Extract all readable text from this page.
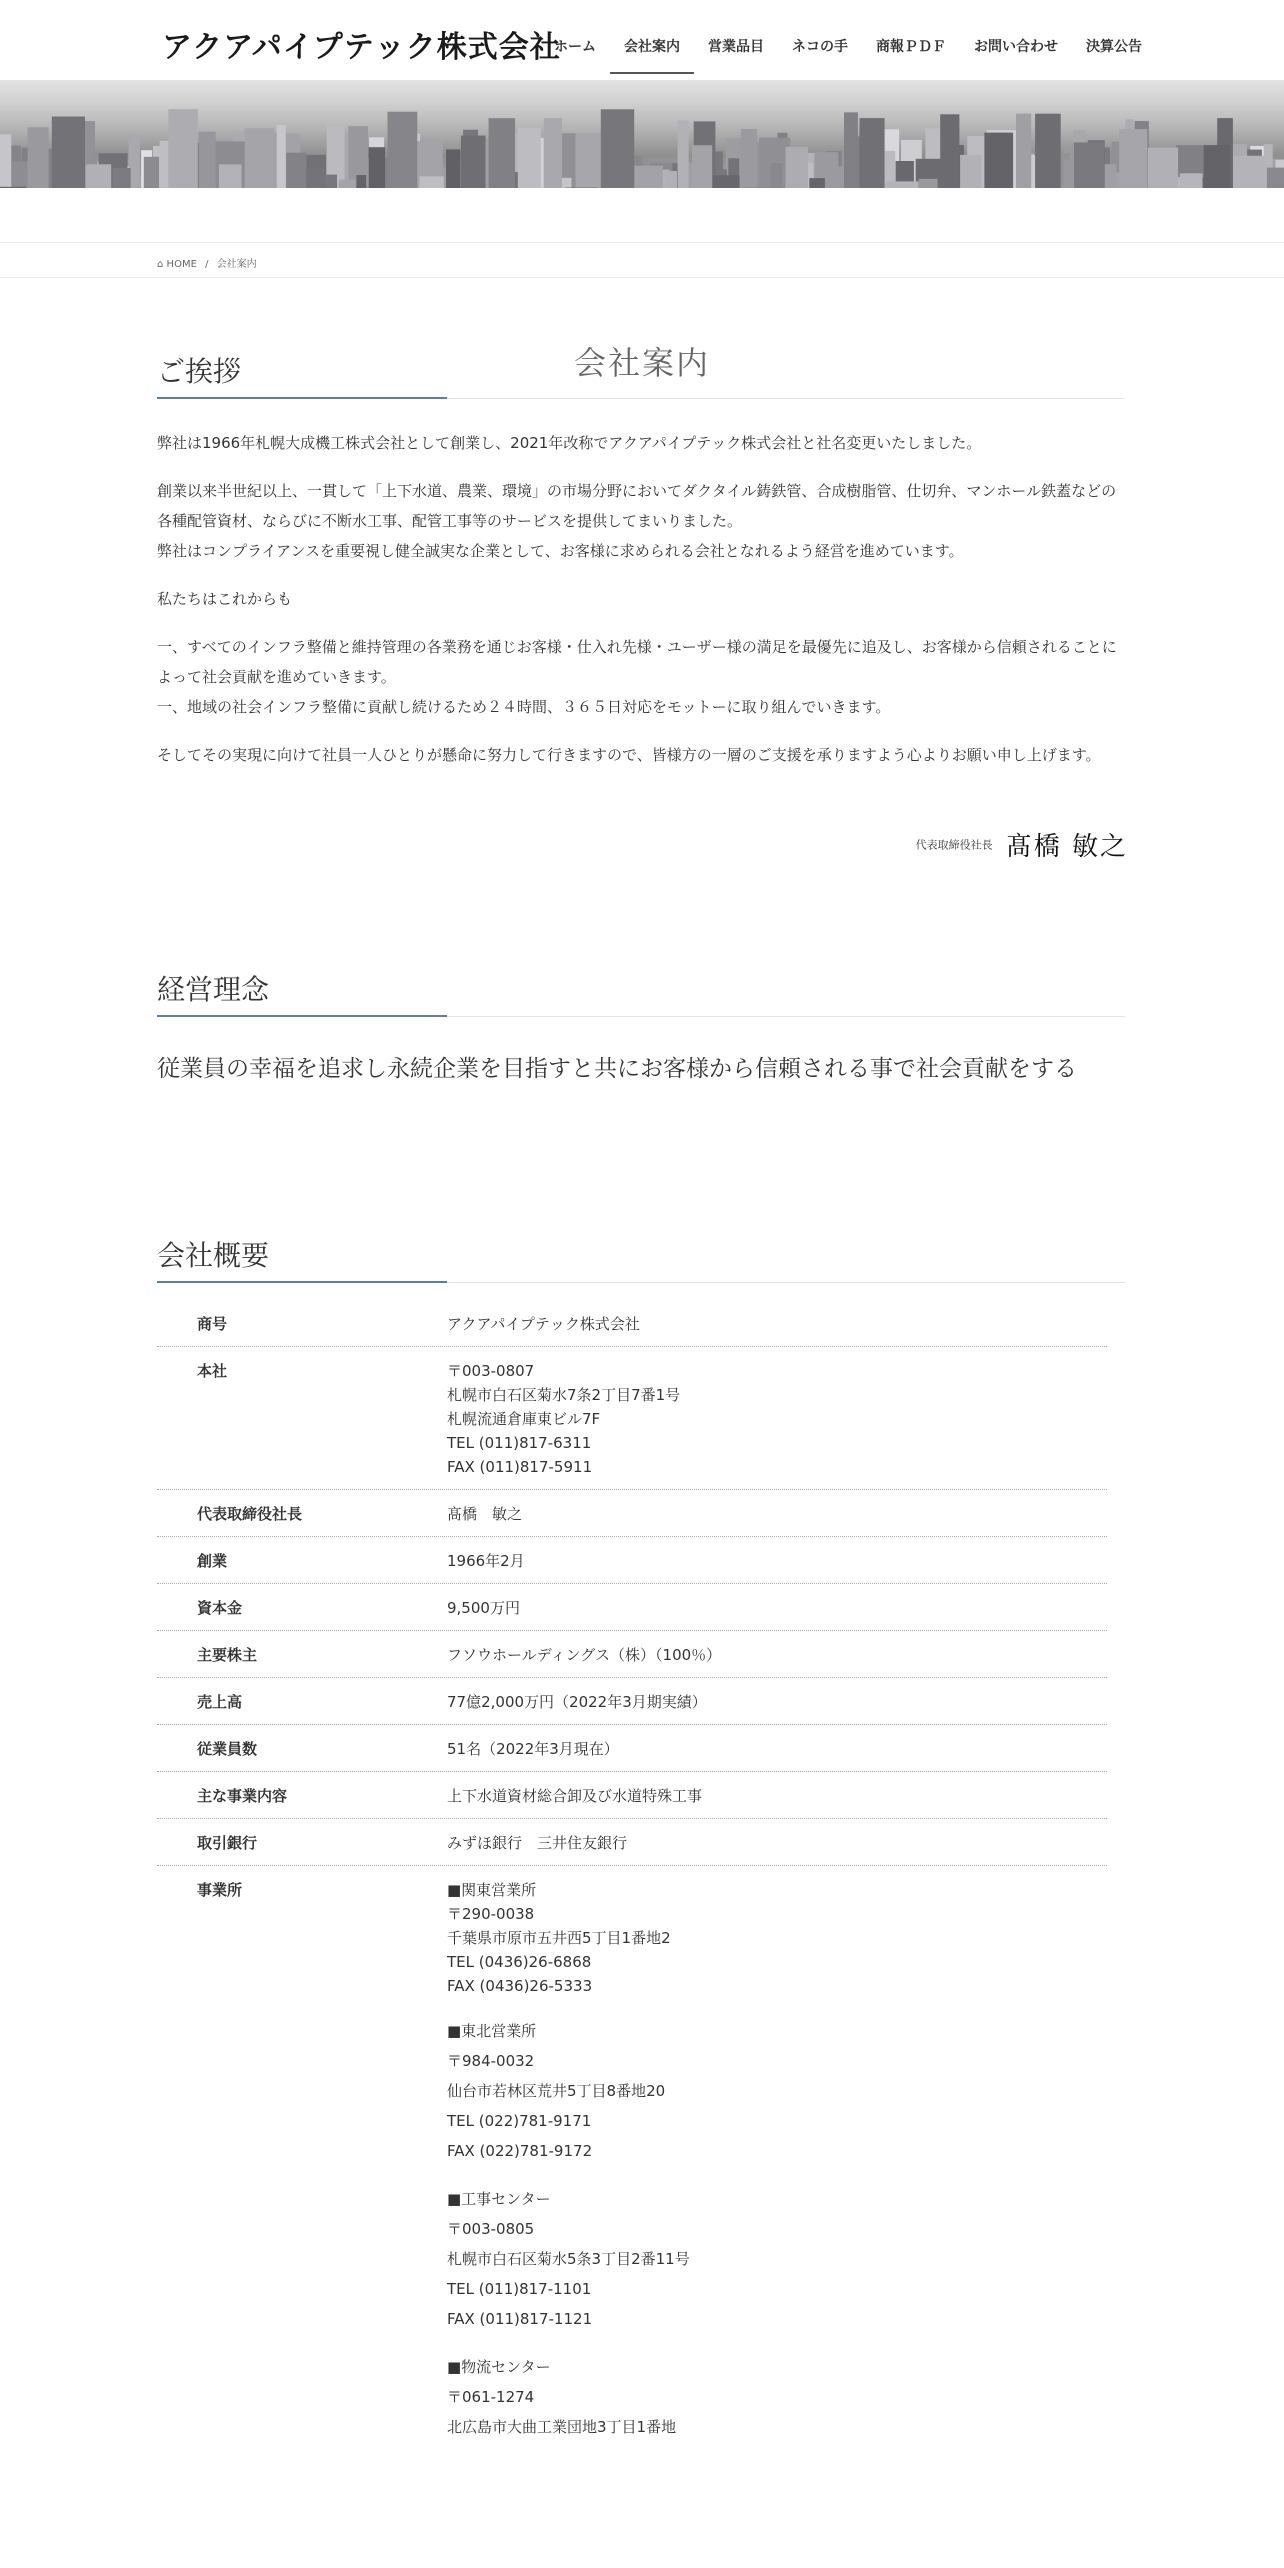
アクアパイプテック株式会社
ホーム	会社案内	営業品目	ネコの手	商報ＰＤＦ	お問い合わせ	決算公告
会社案内
⌂ HOME / 会社案内
ご挨拶

弊社は1966年札幌大成機工株式会社として創業し、2021年改称でアクアパイプテック株式会社と社名変更いたしました。

創業以来半世紀以上、一貫して「上下水道、農業、環境」の市場分野においてダクタイル鋳鉄管、合成樹脂管、仕切弁、マンホール鉄蓋などの各種配管資材、ならびに不断水工事、配管工事等のサービスを提供してまいりました。
弊社はコンプライアンスを重要視し健全誠実な企業として、お客様に求められる会社となれるよう経営を進めています。

私たちはこれからも

一、すべてのインフラ整備と維持管理の各業務を通じお客様・仕入れ先様・ユーザー様の満足を最優先に追及し、お客様から信頼されることによって社会貢献を進めていきます。
一、地域の社会インフラ整備に貢献し続けるため２４時間、３６５日対応をモットーに取り組んでいきます。

そしてその実現に向けて社員一人ひとりが懸命に努力して行きますので、皆様方の一層のご支援を承りますよう心よりお願い申し上げます。

代表取締役社長 髙橋 敏之
経営理念
従業員の幸福を追求し永続企業を目指すと共にお客様から信頼される事で社会貢献をする
会社概要
商号	アクアパイプテック株式会社
本社	〒003-0807
札幌市白石区菊水7条2丁目7番1号
札幌流通倉庫東ビル7F
TEL (011)817-6311
FAX (011)817-5911
代表取締役社長	髙橋　敏之
創業	1966年2月
資本金	9,500万円
主要株主	フソウホールディングス（株）（100％）
売上高	77億2,000万円（2022年3月期実績）
従業員数	51名（2022年3月現在）
主な事業内容	上下水道資材総合卸及び水道特殊工事
取引銀行	みずほ銀行　三井住友銀行
事業所	■関東営業所
〒290-0038
千葉県市原市五井西5丁目1番地2
TEL (0436)26-6868
FAX (0436)26-5333
■東北営業所
〒984-0032
仙台市若林区荒井5丁目8番地20
TEL (022)781-9171
FAX (022)781-9172
■工事センター
〒003-0805
札幌市白石区菊水5条3丁目2番11号
TEL (011)817-1101
FAX (011)817-1121
■物流センター
〒061-1274
北広島市大曲工業団地3丁目1番地
